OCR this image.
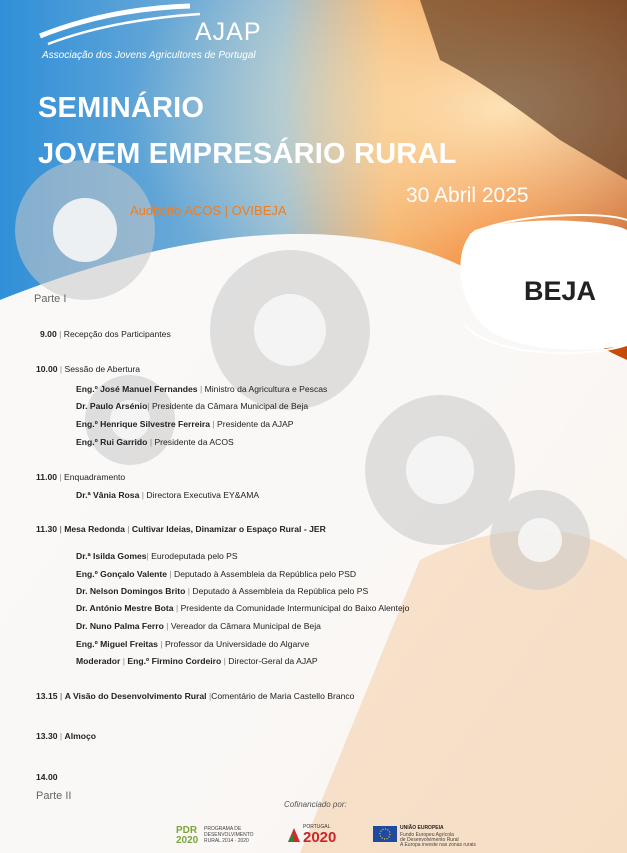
AJAP
Associação dos Jovens Agricultores de Portugal
SEMINÁRIO
JOVEM EMPRESÁRIO RURAL
30 Abril 2025
Auditório ACOS | OVIBEJA
BEJA
Parte I
9.00 | Recepção dos Participantes
10.00 | Sessão de Abertura
Eng.º José Manuel Fernandes | Ministro da Agricultura e Pescas
Dr. Paulo Arsénio| Presidente da Câmara Municipal de Beja
Eng.º Henrique Silvestre Ferreira | Presidente da AJAP
Eng.º Rui Garrido | Presidente da ACOS
11.00 | Enquadramento
Dr.ª Vânia Rosa | Directora Executiva EY&AMA
11.30 | Mesa Redonda | Cultivar Ideias, Dinamizar o Espaço Rural - JER
Dr.ª Isilda Gomes| Eurodeputada pelo PS
Eng.º Gonçalo Valente | Deputado à Assembleia da República pelo PSD
Dr. Nelson Domingos Brito | Deputado à Assembleia da República pelo PS
Dr. António Mestre Bota | Presidente da Comunidade Intermunicipal do Baixo Alentejo
Dr. Nuno Palma Ferro | Vereador da Câmara Municipal de Beja
Eng.º Miguel Freitas | Professor da Universidade do Algarve
Moderador | Eng.º Firmino Cordeiro | Director-Geral da AJAP
13.15 | A Visão do Desenvolvimento Rural |Comentário de Maria Castello Branco
13.30 | Almoço
14.00
Parte II
Cofinanciado por:
PDR 2020
PROGRAMA DE
DESENVOLVIMENTO
RURAL 2014 · 2020
PORTUGAL
2020
UNIÃO EUROPEIA
Fundo Europeu Agrícola
de Desenvolvimento Rural
A Europa investe nas zonas rurais
